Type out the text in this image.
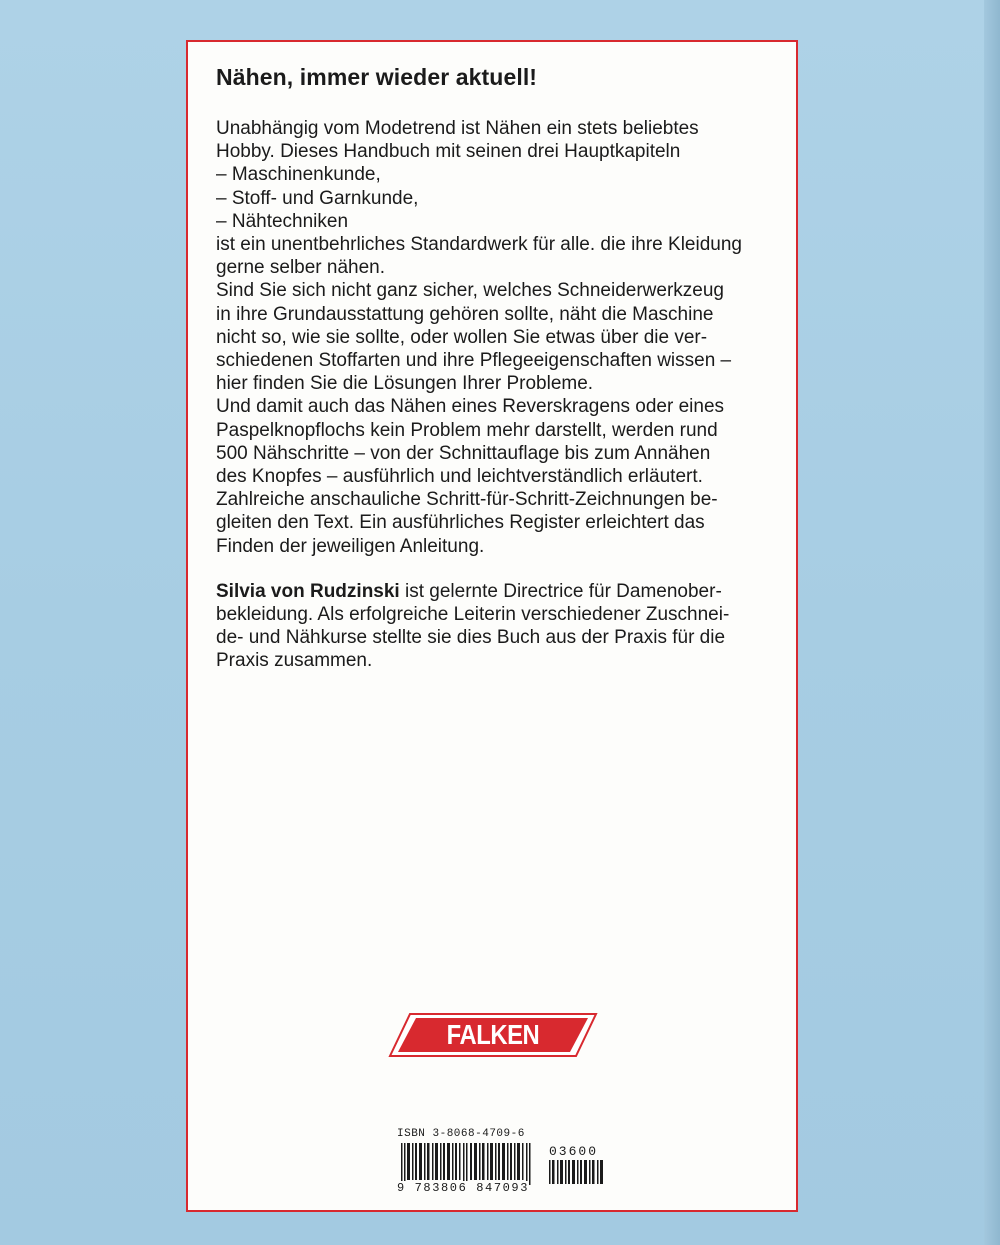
Nähen, immer wieder aktuell!

Unabhängig vom Modetrend ist Nähen ein stets beliebtes
Hobby. Dieses Handbuch mit seinen drei Hauptkapiteln
– Maschinenkunde,
– Stoff- und Garnkunde,
– Nähtechniken
ist ein unentbehrliches Standardwerk für alle. die ihre Kleidung
gerne selber nähen.
Sind Sie sich nicht ganz sicher, welches Schneiderwerkzeug
in ihre Grundausstattung gehören sollte, näht die Maschine
nicht so, wie sie sollte, oder wollen Sie etwas über die ver-
schiedenen Stoffarten und ihre Pflegeeigenschaften wissen –
hier finden Sie die Lösungen Ihrer Probleme.
Und damit auch das Nähen eines Reverskragens oder eines
Paspelknopflochs kein Problem mehr darstellt, werden rund
500 Nähschritte – von der Schnittauflage bis zum Annähen
des Knopfes – ausführlich und leichtverständlich erläutert.
Zahlreiche anschauliche Schritt-für-Schritt-Zeichnungen be-
gleiten den Text. Ein ausführliches Register erleichtert das
Finden der jeweiligen Anleitung.

Silvia von Rudzinski ist gelernte Directrice für Damenober-
bekleidung. Als erfolgreiche Leiterin verschiedener Zuschnei-
de- und Nähkurse stellte sie dies Buch aus der Praxis für die
Praxis zusammen.

FALKEN
ISBN 3-8068-4709-6
03600
9 783806 847093
